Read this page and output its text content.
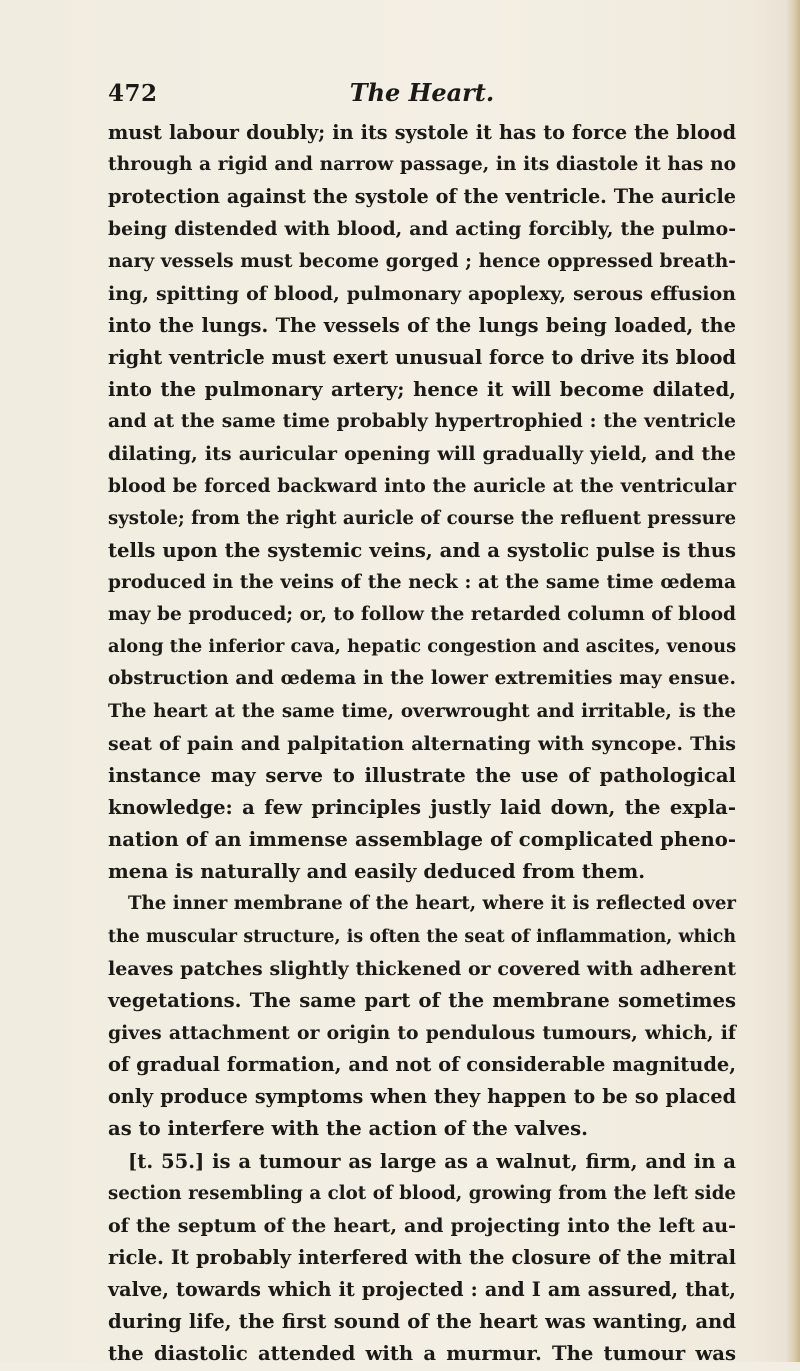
472	The Heart.
must labour doubly; in its systole it has to force the blood
through a rigid and narrow passage, in its diastole it has no
protection against the systole of the ventricle. The auricle
being distended with blood, and acting forcibly, the pulmo-
nary vessels must become gorged ; hence oppressed breath-
ing, spitting of blood, pulmonary apoplexy, serous effusion
into the lungs. The vessels of the lungs being loaded, the
right ventricle must exert unusual force to drive its blood
into the pulmonary artery; hence it will become dilated,
and at the same time probably hypertrophied : the ventricle
dilating, its auricular opening will gradually yield, and the
blood be forced backward into the auricle at the ventricular
systole; from the right auricle of course the refluent pressure
tells upon the systemic veins, and a systolic pulse is thus
produced in the veins of the neck : at the same time œdema
may be produced; or, to follow the retarded column of blood
along the inferior cava, hepatic congestion and ascites, venous
obstruction and œdema in the lower extremities may ensue.
The heart at the same time, overwrought and irritable, is the
seat of pain and palpitation alternating with syncope. This
instance may serve to illustrate the use of pathological
knowledge: a few principles justly laid down, the expla-
nation of an immense assemblage of complicated pheno-
mena is naturally and easily deduced from them.
The inner membrane of the heart, where it is reflected over
the muscular structure, is often the seat of inflammation, which
leaves patches slightly thickened or covered with adherent
vegetations. The same part of the membrane sometimes
gives attachment or origin to pendulous tumours, which, if
of gradual formation, and not of considerable magnitude,
only produce symptoms when they happen to be so placed
as to interfere with the action of the valves.
[t. 55.] is a tumour as large as a walnut, firm, and in a
section resembling a clot of blood, growing from the left side
of the septum of the heart, and projecting into the left au-
ricle. It probably interfered with the closure of the mitral
valve, towards which it projected : and I am assured, that,
during life, the first sound of the heart was wanting, and
the diastolic attended with a murmur. The tumour was
